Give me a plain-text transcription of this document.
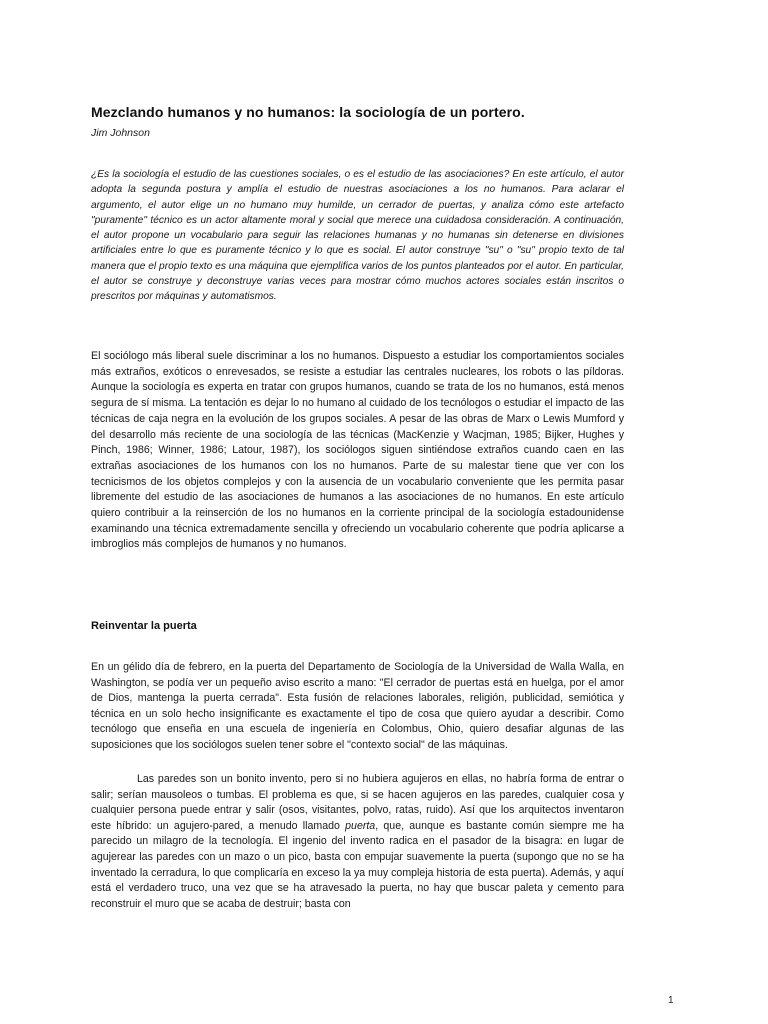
Mezclando humanos y no humanos: la sociología de un portero.
Jim Johnson

¿Es la sociología el estudio de las cuestiones sociales, o es el estudio de las asociaciones? En este artículo, el autor adopta la segunda postura y amplía el estudio de nuestras asociaciones a los no humanos. Para aclarar el argumento, el autor elige un no humano muy humilde, un cerrador de puertas, y analiza cómo este artefacto "puramente" técnico es un actor altamente moral y social que merece una cuidadosa consideración. A continuación, el autor propone un vocabulario para seguir las relaciones humanas y no humanas sin detenerse en divisiones artificiales entre lo que es puramente técnico y lo que es social. El autor construye "su" o "su" propio texto de tal manera que el propio texto es una máquina que ejemplifica varios de los puntos planteados por el autor. En particular, el autor se construye y deconstruye varias veces para mostrar cómo muchos actores sociales están inscritos o prescritos por máquinas y automatismos.

El sociólogo más liberal suele discriminar a los no humanos. Dispuesto a estudiar los comportamientos sociales más extraños, exóticos o enrevesados, se resiste a estudiar las centrales nucleares, los robots o las píldoras. Aunque la sociología es experta en tratar con grupos humanos, cuando se trata de los no humanos, está menos segura de sí misma. La tentación es dejar lo no humano al cuidado de los tecnólogos o estudiar el impacto de las técnicas de caja negra en la evolución de los grupos sociales. A pesar de las obras de Marx o Lewis Mumford y del desarrollo más reciente de una sociología de las técnicas (MacKenzie y Wacjman, 1985; Bijker, Hughes y Pinch, 1986; Winner, 1986; Latour, 1987), los sociólogos siguen sintiéndose extraños cuando caen en las extrañas asociaciones de los humanos con los no humanos. Parte de su malestar tiene que ver con los tecnicismos de los objetos complejos y con la ausencia de un vocabulario conveniente que les permita pasar libremente del estudio de las asociaciones de humanos a las asociaciones de no humanos. En este artículo quiero contribuir a la reinserción de los no humanos en la corriente principal de la sociología estadounidense examinando una técnica extremadamente sencilla y ofreciendo un vocabulario coherente que podría aplicarse a imbroglios más complejos de humanos y no humanos.

Reinventar la puerta

En un gélido día de febrero, en la puerta del Departamento de Sociología de la Universidad de Walla Walla, en Washington, se podía ver un pequeño aviso escrito a mano: "El cerrador de puertas está en huelga, por el amor de Dios, mantenga la puerta cerrada". Esta fusión de relaciones laborales, religión, publicidad, semiótica y técnica en un solo hecho insignificante es exactamente el tipo de cosa que quiero ayudar a describir. Como tecnólogo que enseña en una escuela de ingeniería en Colombus, Ohio, quiero desafiar algunas de las suposiciones que los sociólogos suelen tener sobre el "contexto social" de las máquinas.

Las paredes son un bonito invento, pero si no hubiera agujeros en ellas, no habría forma de entrar o salir; serían mausoleos o tumbas. El problema es que, si se hacen agujeros en las paredes, cualquier cosa y cualquier persona puede entrar y salir (osos, visitantes, polvo, ratas, ruido). Así que los arquitectos inventaron este híbrido: un agujero-pared, a menudo llamado puerta, que, aunque es bastante común siempre me ha parecido un milagro de la tecnología. El ingenio del invento radica en el pasador de la bisagra: en lugar de agujerear las paredes con un mazo o un pico, basta con empujar suavemente la puerta (supongo que no se ha inventado la cerradura, lo que complicaría en exceso la ya muy compleja historia de esta puerta). Además, y aquí está el verdadero truco, una vez que se ha atravesado la puerta, no hay que buscar paleta y cemento para reconstruir el muro que se acaba de destruir; basta con

1
